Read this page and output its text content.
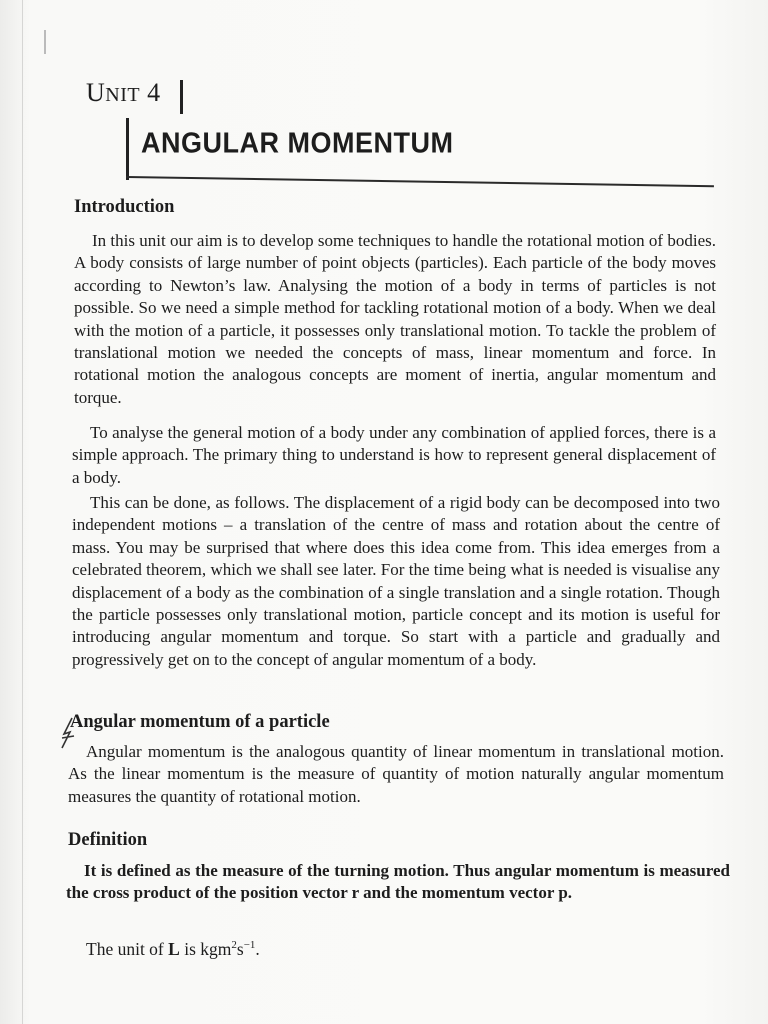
UNIT 4
ANGULAR MOMENTUM
Introduction
In this unit our aim is to develop some techniques to handle the rotational motion of bodies. A body consists of large number of point objects (particles). Each particle of the body moves according to Newton’s law. Analysing the motion of a body in terms of particles is not possible. So we need a simple method for tackling rotational motion of a body. When we deal with the motion of a particle, it possesses only translational motion. To tackle the problem of translational motion we needed the concepts of mass, linear momentum and force. In rotational motion the analogous concepts are moment of inertia, angular momentum and torque.
To analyse the general motion of a body under any combination of applied forces, there is a simple approach. The primary thing to understand is how to represent general displacement of a body.
This can be done, as follows. The displacement of a rigid body can be decomposed into two independent motions – a translation of the centre of mass and rotation about the centre of mass. You may be surprised that where does this idea come from. This idea emerges from a celebrated theorem, which we shall see later. For the time being what is needed is visualise any displacement of a body as the combination of a single translation and a single rotation. Though the particle possesses only translational motion, particle concept and its motion is useful for introducing angular momentum and torque. So start with a particle and gradually and progressively get on to the concept of angular momentum of a body.
Angular momentum of a particle
Angular momentum is the analogous quantity of linear momentum in translational motion. As the linear momentum is the measure of quantity of motion naturally angular momentum measures the quantity of rotational motion.
Definition
It is defined as the measure of the turning motion. Thus angular momentum is measured the cross product of the position vector r and the momentum vector p.
The unit of L is $kgm^2s^{-1}$.
